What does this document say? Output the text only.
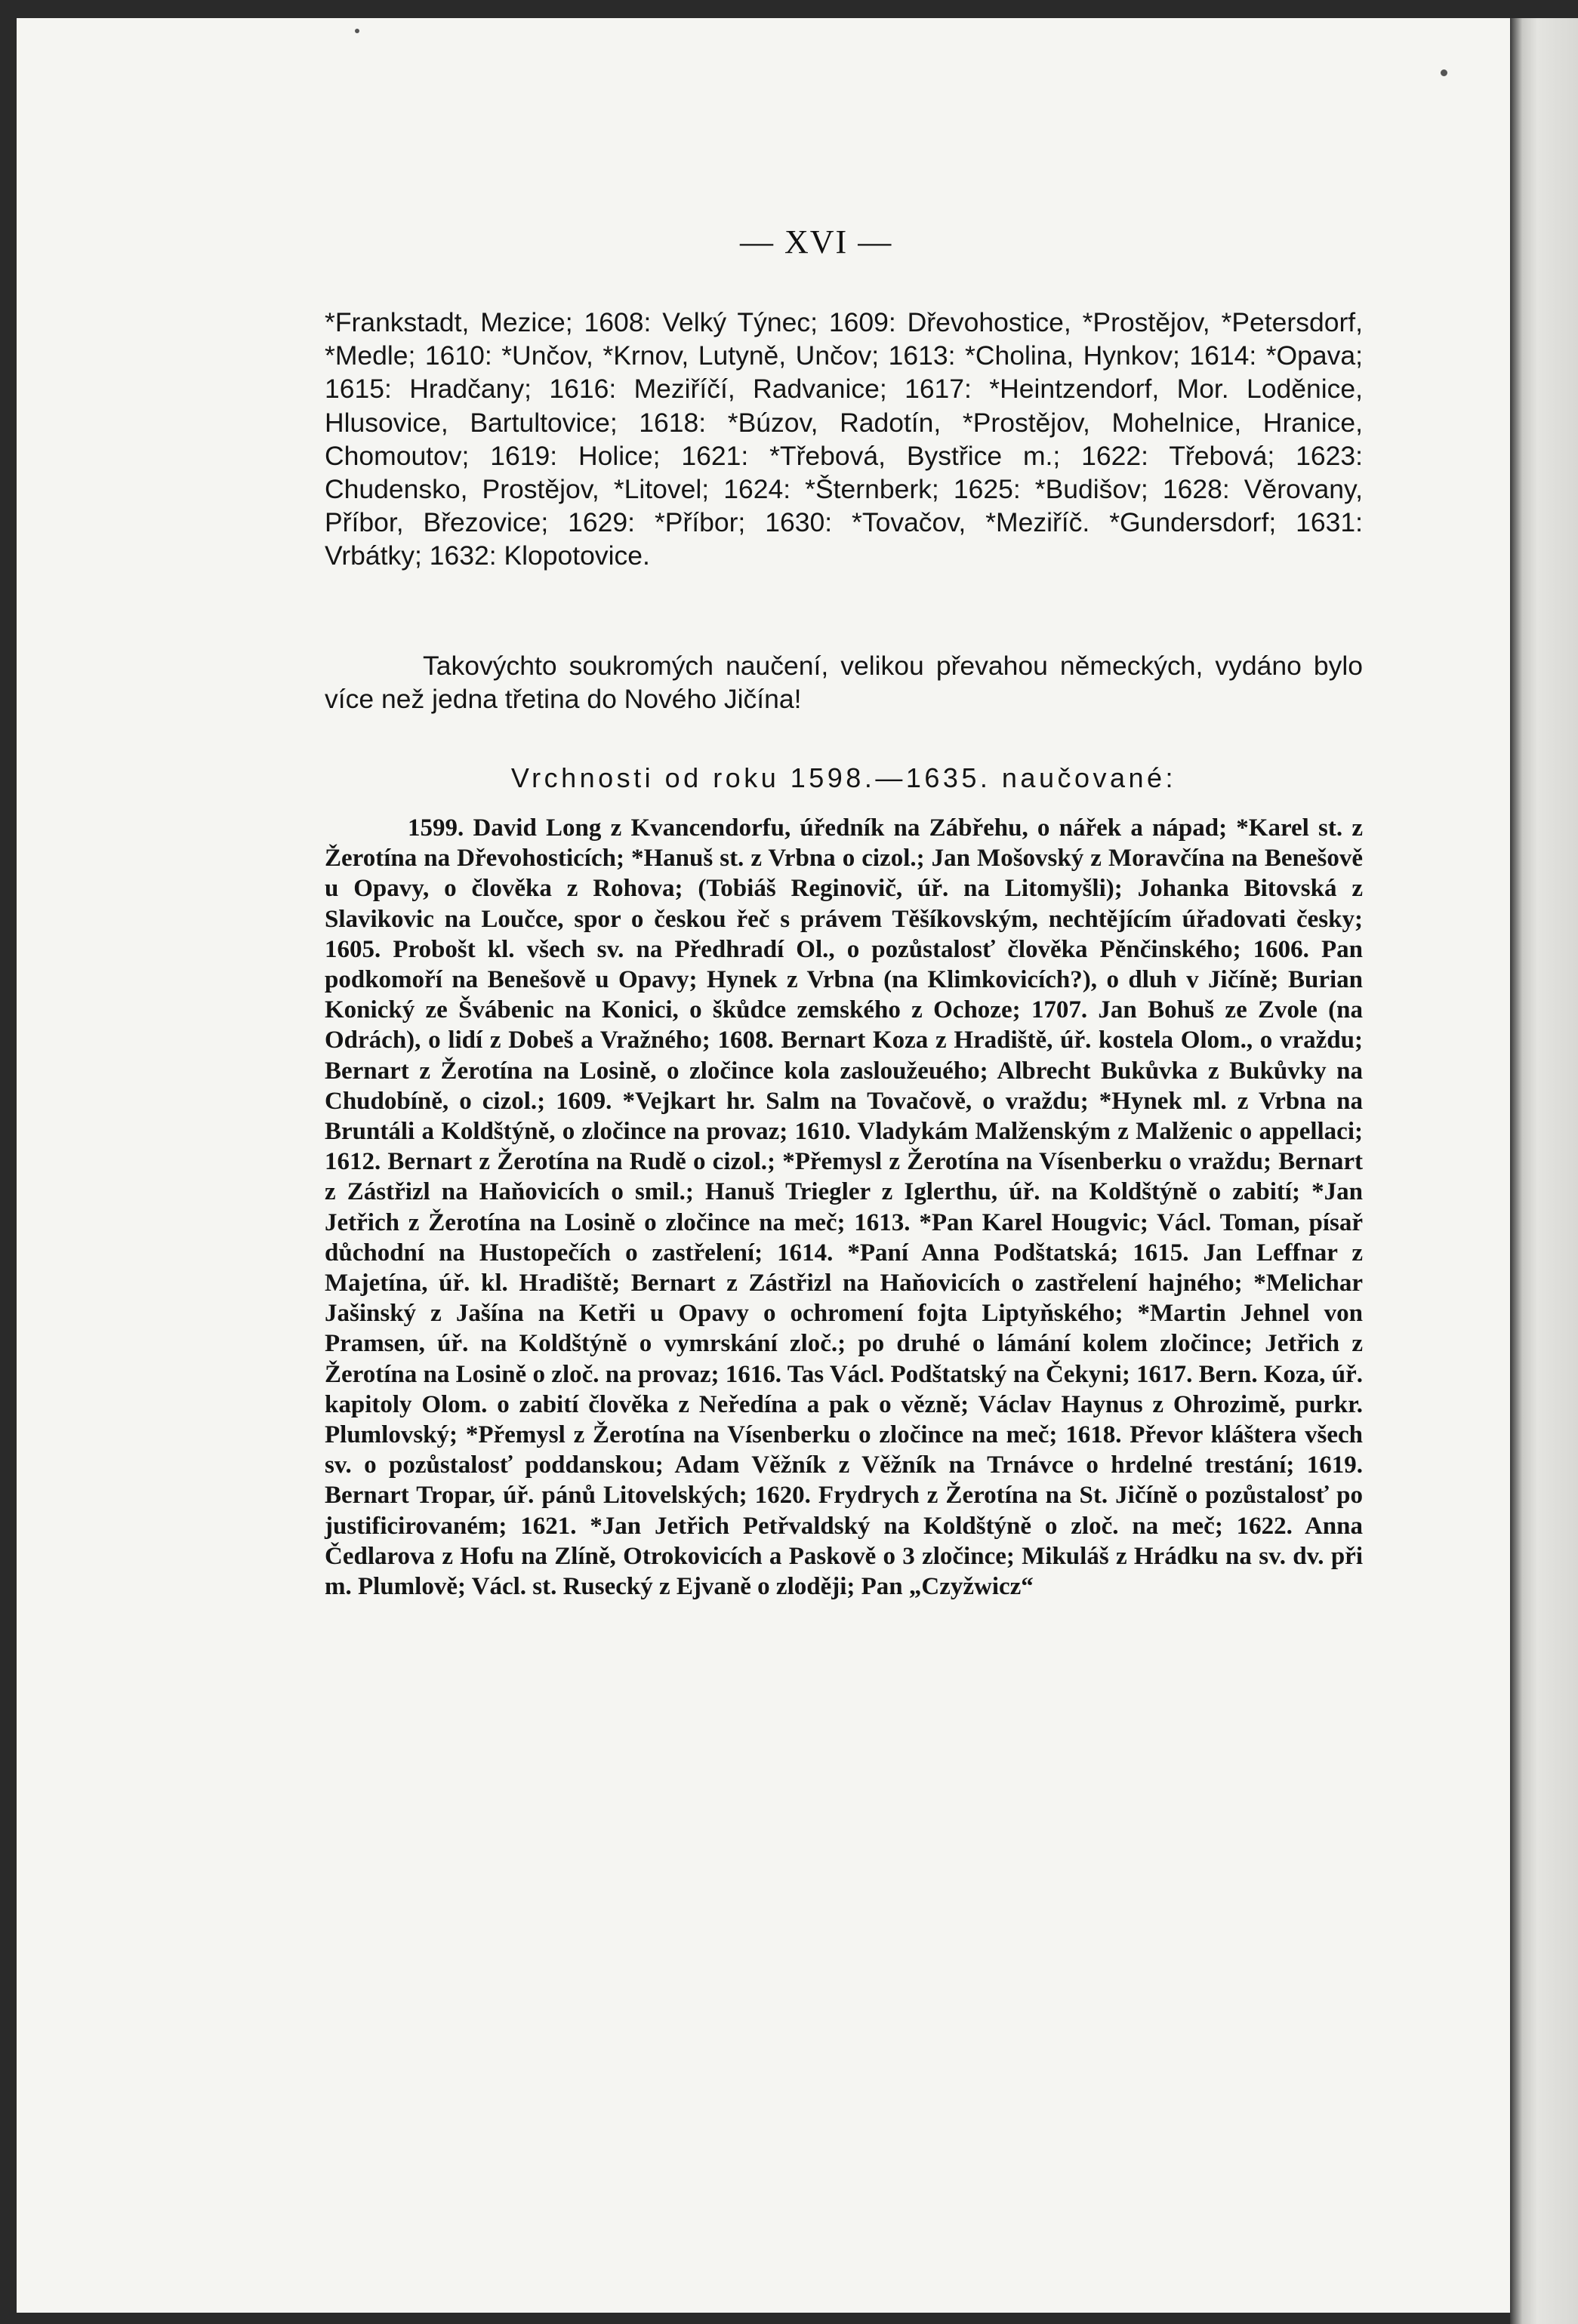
— XVI —
*Frankstadt, Mezice; 1608: Velký Týnec; 1609: Dřevohostice, *Prostějov, *Petersdorf, *Medle; 1610: *Unčov, *Krnov, Lutyně, Unčov; 1613: *Cholina, Hynkov; 1614: *Opava; 1615: Hradčany; 1616: Meziříčí, Radvanice; 1617: *Heintzendorf, Mor. Loděnice, Hlusovice, Bartultovice; 1618: *Búzov, Radotín, *Prostějov, Mohelnice, Hranice, Chomoutov; 1619: Holice; 1621: *Třebová, Bystřice m.; 1622: Třebová; 1623: Chudensko, Prostějov, *Litovel; 1624: *Šternberk; 1625: *Budišov; 1628: Věrovany, Příbor, Březovice; 1629: *Příbor; 1630: *Tovačov, *Meziříč. *Gundersdorf; 1631: Vrbátky; 1632: Klopotovice.
Takovýchto soukromých naučení, velikou převahou německých, vydáno bylo více než jedna třetina do Nového Jičína!
Vrchnosti od roku 1598.—1635. naučované:
1599. David Long z Kvancendorfu, úředník na Zábřehu, o nářek a nápad; *Karel st. z Žerotína na Dřevohosticích; *Hanuš st. z Vrbna o cizol.; Jan Mošovský z Moravčína na Benešově u Opavy, o člověka z Rohova; (Tobiáš Reginovič, úř. na Litomyšli); Johanka Bitovská z Slavikovic na Loučce, spor o českou řeč s právem Těšíkovským, nechtějícím úřadovati česky; 1605. Probošt kl. všech sv. na Předhradí Ol., o pozůstalosť člověka Pěnčinského; 1606. Pan podkomoří na Benešově u Opavy; Hynek z Vrbna (na Klimkovicích?), o dluh v Jičíně; Burian Konický ze Švábenic na Konici, o škůdce zemského z Ochoze; 1707. Jan Bohuš ze Zvole (na Odrách), o lidí z Dobeš a Vražného; 1608. Bernart Koza z Hradiště, úř. kostela Olom., o vraždu; Bernart z Žerotína na Losině, o zločince kola zasloužeuého; Albrecht Bukůvka z Bukůvky na Chudobíně, o cizol.; 1609. *Vejkart hr. Salm na Tovačově, o vraždu; *Hynek ml. z Vrbna na Bruntáli a Koldštýně, o zločince na provaz; 1610. Vladykám Malženským z Malženic o appellaci; 1612. Bernart z Žerotína na Rudě o cizol.; *Přemysl z Žerotína na Vísenberku o vraždu; Bernart z Zástřizl na Haňovicích o smil.; Hanuš Triegler z Iglerthu, úř. na Koldštýně o zabití; *Jan Jetřich z Žerotína na Losině o zločince na meč; 1613. *Pan Karel Hougvic; Václ. Toman, písař důchodní na Hustopečích o zastřelení; 1614. *Paní Anna Podštatská; 1615. Jan Leffnar z Majetína, úř. kl. Hradiště; Bernart z Zástřizl na Haňovicích o zastřelení hajného; *Melichar Jašinský z Jašína na Ketři u Opavy o ochromení fojta Liptyňského; *Martin Jehnel von Pramsen, úř. na Koldštýně o vymrskání zloč.; po druhé o lámání kolem zločince; Jetřich z Žerotína na Losině o zloč. na provaz; 1616. Tas Václ. Podštatský na Čekyni; 1617. Bern. Koza, úř. kapitoly Olom. o zabití člověka z Neředína a pak o vězně; Václav Haynus z Ohrozimě, purkr. Plumlovský; *Přemysl z Žerotína na Vísenberku o zločince na meč; 1618. Převor kláštera všech sv. o pozůstalosť poddanskou; Adam Věžník z Věžník na Trnávce o hrdelné trestání; 1619. Bernart Tropar, úř. pánů Litovelských; 1620. Frydrych z Žerotína na St. Jičíně o pozůstalosť po justificirovaném; 1621. *Jan Jetřich Petřvaldský na Koldštýně o zloč. na meč; 1622. Anna Čedlarova z Hofu na Zlíně, Otrokovicích a Paskově o 3 zločince; Mikuláš z Hrádku na sv. dv. při m. Plumlově; Václ. st. Rusecký z Ejvaně o zloději; Pan „Czyžwicz“
